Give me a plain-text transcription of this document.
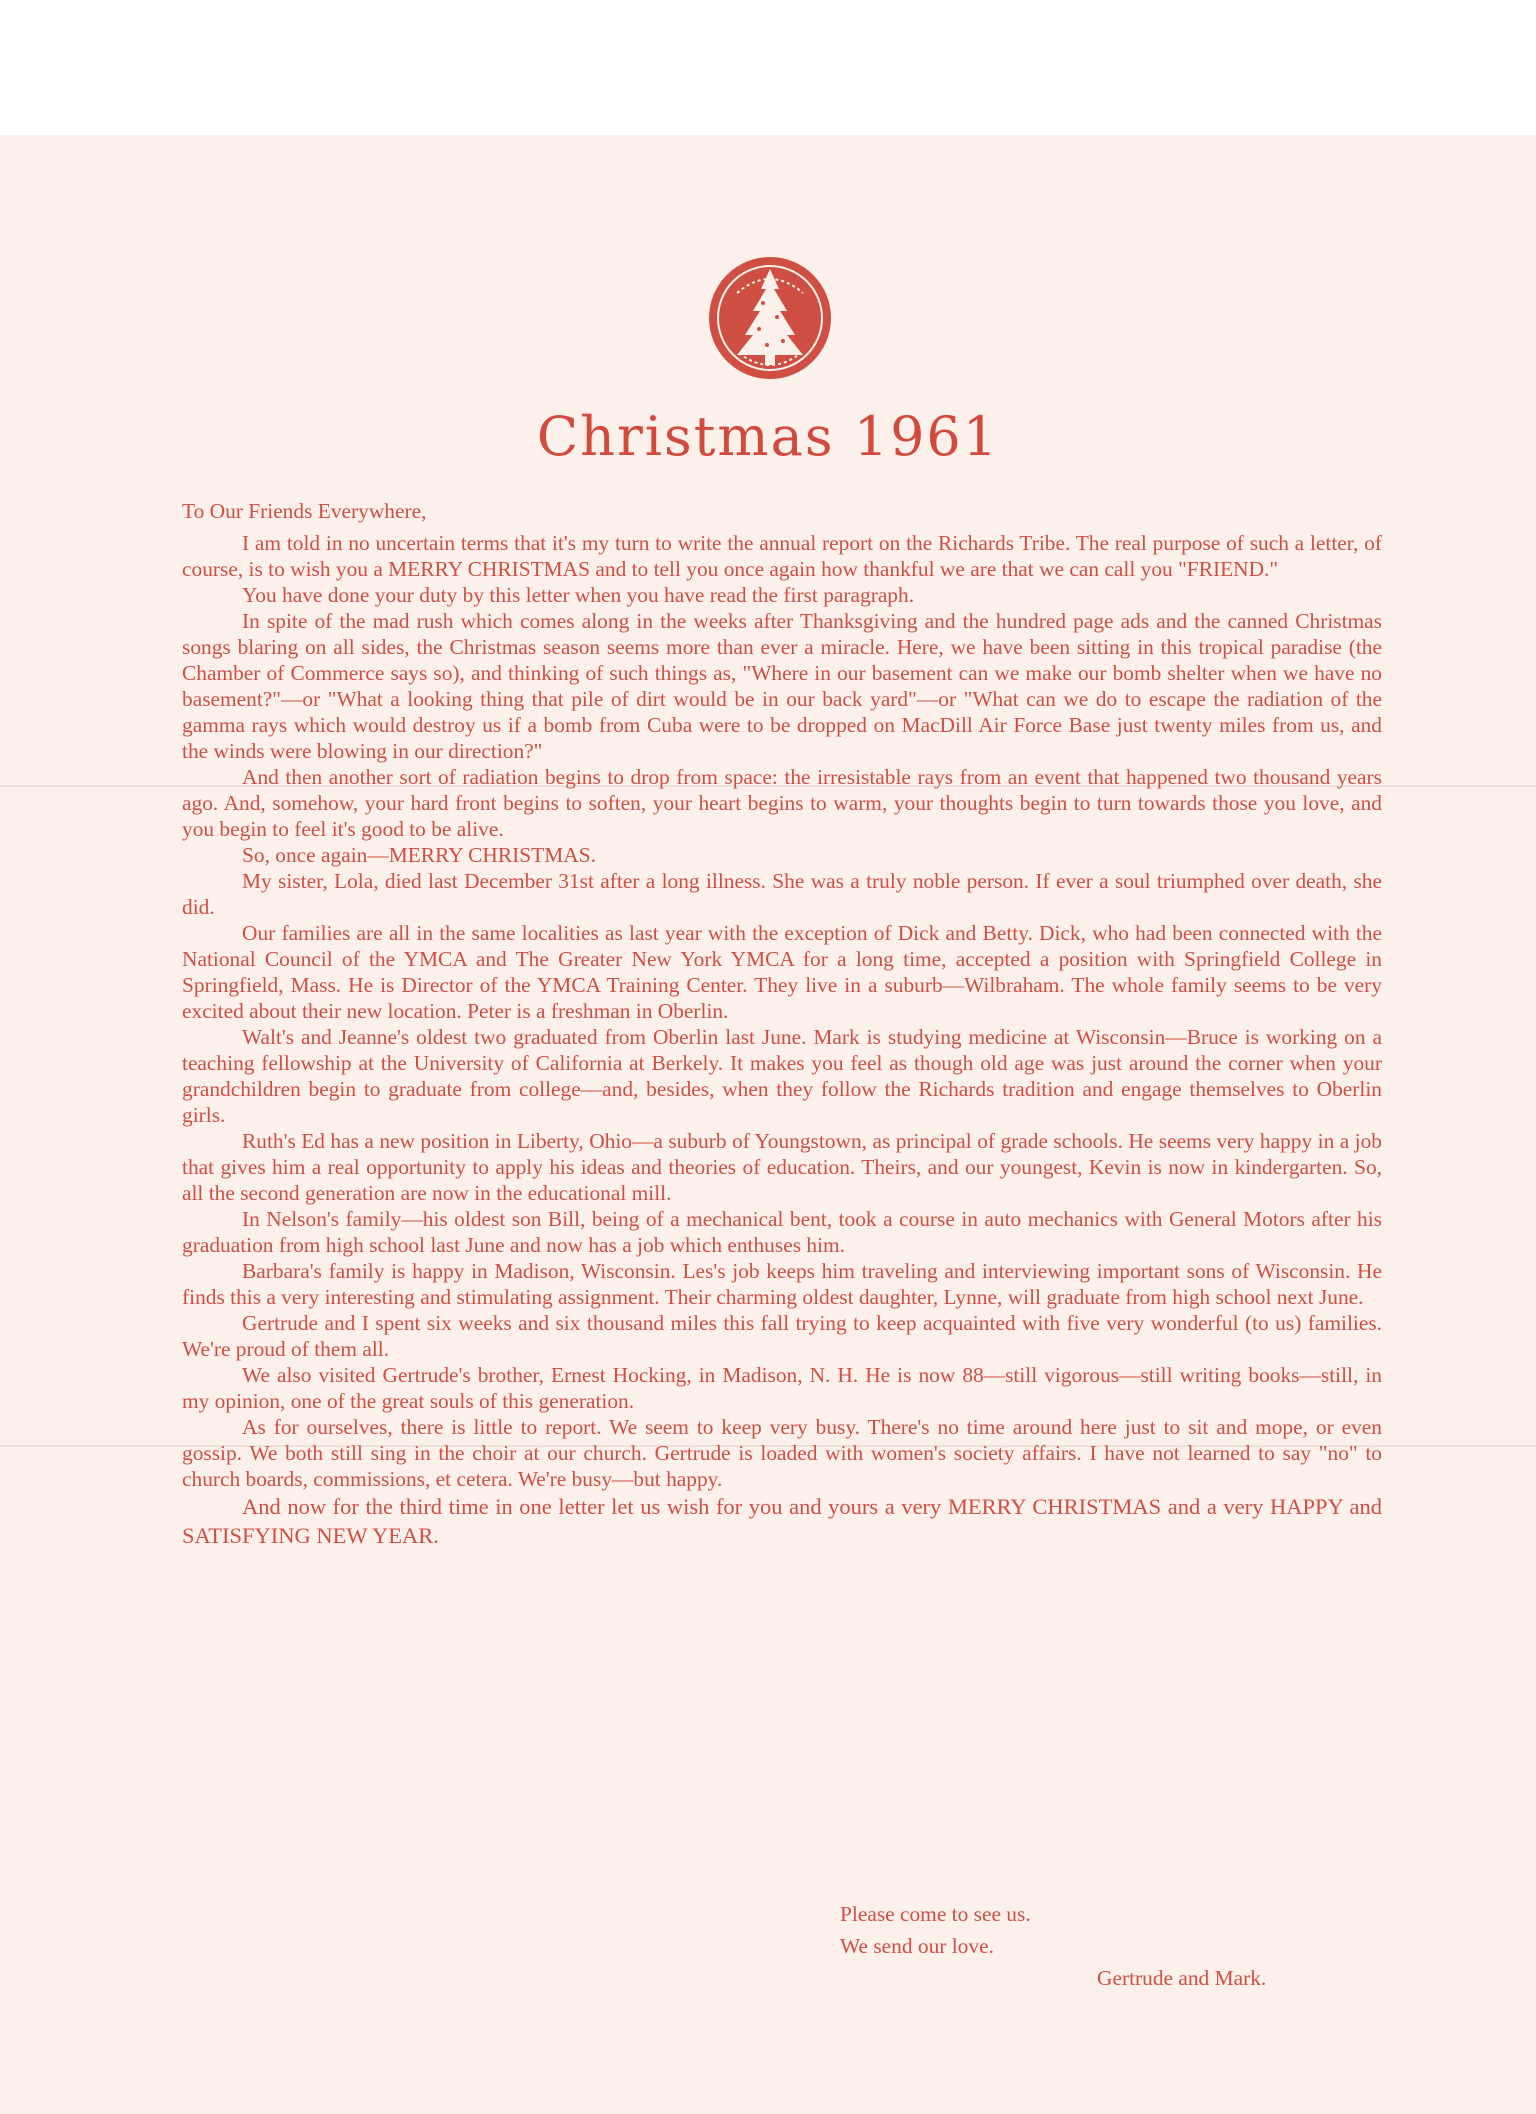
Christmas 1961
To Our Friends Everywhere,

I am told in no uncertain terms that it's my turn to write the annual report on the Richards Tribe. The real purpose of such a letter, of course, is to wish you a MERRY CHRISTMAS and to tell you once again how thankful we are that we can call you "FRIEND."

You have done your duty by this letter when you have read the first paragraph.

In spite of the mad rush which comes along in the weeks after Thanksgiving and the hundred page ads and the canned Christmas songs blaring on all sides, the Christmas season seems more than ever a miracle. Here, we have been sitting in this tropical paradise (the Chamber of Commerce says so), and thinking of such things as, "Where in our basement can we make our bomb shelter when we have no basement?"—or "What a looking thing that pile of dirt would be in our back yard"—or "What can we do to escape the radiation of the gamma rays which would destroy us if a bomb from Cuba were to be dropped on MacDill Air Force Base just twenty miles from us, and the winds were blowing in our direction?"

And then another sort of radiation begins to drop from space: the irresistable rays from an event that happened two thousand years ago. And, somehow, your hard front begins to soften, your heart begins to warm, your thoughts begin to turn towards those you love, and you begin to feel it's good to be alive.

So, once again—MERRY CHRISTMAS.

My sister, Lola, died last December 31st after a long illness. She was a truly noble person. If ever a soul triumphed over death, she did.

Our families are all in the same localities as last year with the exception of Dick and Betty. Dick, who had been connected with the National Council of the YMCA and The Greater New York YMCA for a long time, accepted a position with Springfield College in Springfield, Mass. He is Director of the YMCA Training Center. They live in a suburb—Wilbraham. The whole family seems to be very excited about their new location. Peter is a freshman in Oberlin.

Walt's and Jeanne's oldest two graduated from Oberlin last June. Mark is studying medicine at Wisconsin—Bruce is working on a teaching fellowship at the University of California at Berkely. It makes you feel as though old age was just around the corner when your grandchildren begin to graduate from college—and, besides, when they follow the Richards tradition and engage themselves to Oberlin girls.

Ruth's Ed has a new position in Liberty, Ohio—a suburb of Youngstown, as principal of grade schools. He seems very happy in a job that gives him a real opportunity to apply his ideas and theories of education. Theirs, and our youngest, Kevin is now in kindergarten. So, all the second generation are now in the educational mill.

In Nelson's family—his oldest son Bill, being of a mechanical bent, took a course in auto mechanics with General Motors after his graduation from high school last June and now has a job which enthuses him.

Barbara's family is happy in Madison, Wisconsin. Les's job keeps him traveling and interviewing important sons of Wisconsin. He finds this a very interesting and stimulating assignment. Their charming oldest daughter, Lynne, will graduate from high school next June.

Gertrude and I spent six weeks and six thousand miles this fall trying to keep acquainted with five very wonderful (to us) families. We're proud of them all.

We also visited Gertrude's brother, Ernest Hocking, in Madison, N. H. He is now 88—still vigorous—still writing books—still, in my opinion, one of the great souls of this generation.

As for ourselves, there is little to report. We seem to keep very busy. There's no time around here just to sit and mope, or even gossip. We both still sing in the choir at our church. Gertrude is loaded with women's society affairs. I have not learned to say "no" to church boards, commissions, et cetera. We're busy—but happy.

And now for the third time in one letter let us wish for you and yours a very MERRY CHRISTMAS and a very HAPPY and SATISFYING NEW YEAR.

Please come to see us.
We send our love.
Gertrude and Mark.
